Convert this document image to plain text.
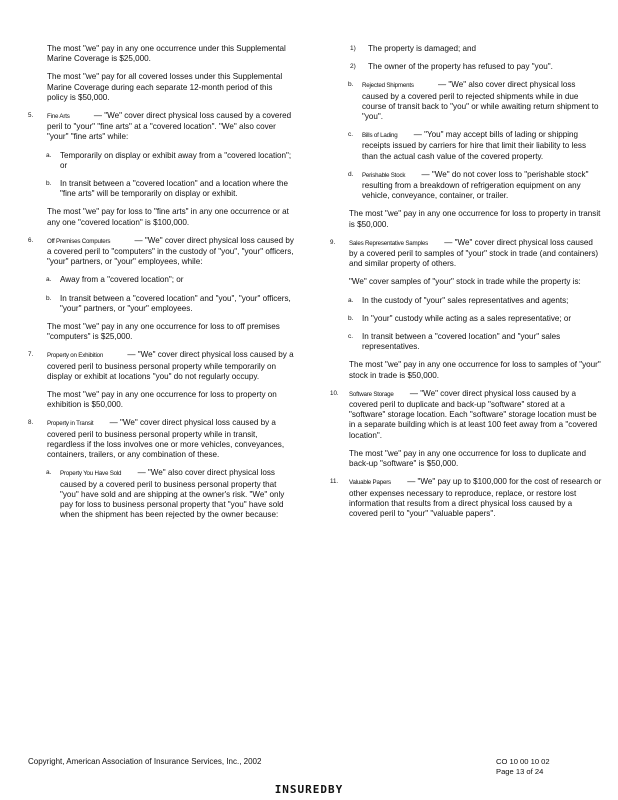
The most "we" pay in any one occurrence under this Supplemental Marine Coverage is $25,000.

The most "we" pay for all covered losses under this Supplemental Marine Coverage during each separate 12-month period of this policy is $50,000.

5. Fine Arts	— "We" cover direct physical loss caused by a covered peril to "your" "fine arts" at a "covered location". "We" also cover "your" "fine arts" while:
a. Temporarily on display or exhibit away from a "covered location"; or
b. In transit between a "covered location" and a location where the "fine arts" will be temporarily on display or exhibit.

The most "we" pay for loss to "fine arts" in any one occurrence or at any one "covered location" is $100,000.

6. Off Premises Computers	— "We" cover direct physical loss caused by a covered peril to "computers" in the custody of "you", "your" officers, "your" partners, or "your" employees, while:
a. Away from a "covered location"; or
b. In transit between a "covered location" and "you", "your" officers, "your" partners, or "your" employees.

The most "we" pay in any one occurrence for loss to off premises "computers" is $25,000.

7. Property on Exhibition	— "We" cover direct physical loss caused by a covered peril to business personal property while temporarily on display or exhibit at locations "you" do not regularly occupy.

The most "we" pay in any one occurrence for loss to property on exhibition is $50,000.

8. Property in Transit — "We" cover direct physical loss caused by a covered peril to business personal property while in transit, regardless if the loss involves one or more vehicles, conveyances, containers, trailers, or any combination of these.
a. Property You Have Sold — "We" also cover direct physical loss caused by a covered peril to business personal property that "you" have sold and are shipping at the owner's risk. "We" only pay for loss to business personal property that "you" have sold when the shipment has been rejected by the owner because:
1) The property is damaged; and
2) The owner of the property has refused to pay "you".
b. Rejected Shipments	— "We" also cover direct physical loss caused by a covered peril to rejected shipments while in due course of transit back to "you" or while awaiting return shipment to "you".
c. Bills of Lading — "You" may accept bills of lading or shipping receipts issued by carriers for hire that limit their liability to less than the actual cash value of the covered property.
d. Perishable Stock — "We" do not cover loss to "perishable stock" resulting from a breakdown of refrigeration equipment on any vehicle, conveyance, container, or trailer.

The most "we" pay in any one occurrence for loss to property in transit is $50,000.

9. Sales Representative Samples — "We" cover direct physical loss caused by a covered peril to samples of "your" stock in trade (and containers) and similar property of others.

"We" cover samples of "your" stock in trade while the property is:

a. In the custody of "your" sales representatives and agents;
b. In "your" custody while acting as a sales representative; or
c. In transit between a "covered location" and "your" sales representatives.

The most "we" pay in any one occurrence for loss to samples of "your" stock in trade is $50,000.

10. Software Storage — "We" cover direct physical loss caused by a covered peril to duplicate and back-up "software" stored at a "software" storage location. Each "software" storage location must be in a separate building which is at least 100 feet away from a "covered location".

The most "we" pay in any one occurrence for loss to duplicate and back-up "software" is $50,000.

11. Valuable Papers — "We" pay up to $100,000 for the cost of research or other expenses necessary to reproduce, replace, or restore lost information that results from a direct physical loss caused by a covered peril to "your" "valuable papers".
Copyright, American Association of Insurance Services, Inc., 2002	CO 10 00 10 02
Page 13 of 24
INSUREDBY
